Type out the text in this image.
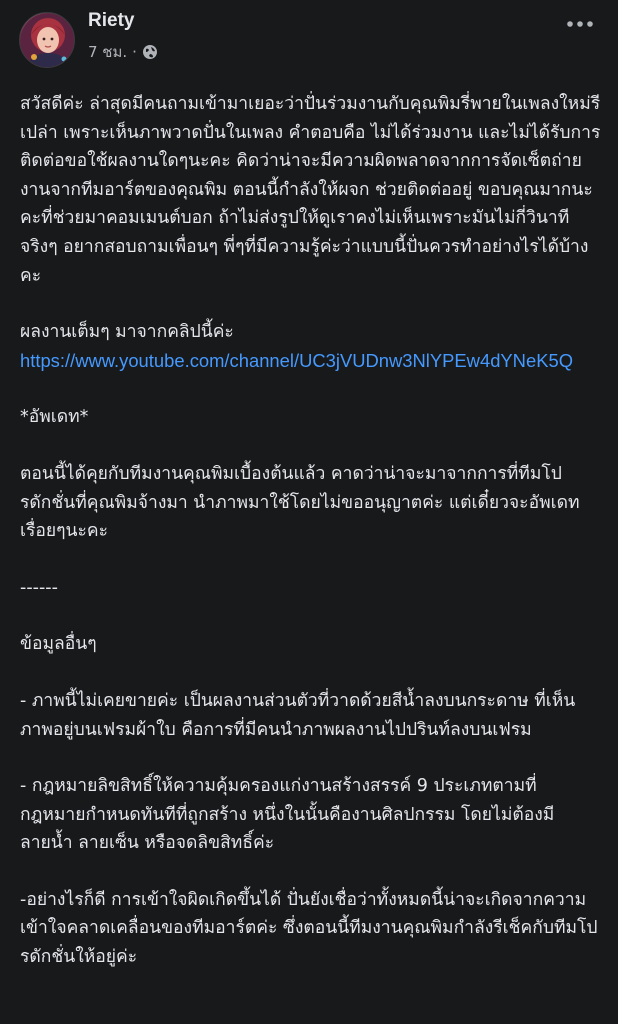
Riety
7 ชม. ·

สวัสดีค่ะ ล่าสุดมีคนถามเข้ามาเยอะว่าปั่นร่วมงานกับคุณพิมรี่พายในเพลงใหม่รีเปล่า เพราะเห็นภาพวาดปั่นในเพลง คำตอบคือ ไม่ได้ร่วมงาน และไม่ได้รับการติดต่อขอใช้ผลงานใดๆนะคะ คิดว่าน่าจะมีความผิดพลาดจากการจัดเซ็ตถ่ายงานจากทีมอาร์ตของคุณพิม ตอนนี้กำลังให้ผจก ช่วยติดต่ออยู่ ขอบคุณมากนะคะที่ช่วยมาคอมเมนต์บอก ถ้าไม่ส่งรูปให้ดูเราคงไม่เห็นเพราะมันไม่กี่วินาทีจริงๆ อยากสอบถามเพื่อนๆ พี่ๆที่มีความรู้ค่ะว่าแบบนี้ปั่นควรทำอย่างไรได้บ้างคะ

ผลงานเต็มๆ มาจากคลิปนี้ค่ะ

https://www.youtube.com/channel/UC3jVUDnw3NlYPEw4dYNeK5Q

*อัพเดท*

ตอนนี้ได้คุยกับทีมงานคุณพิมเบื้องต้นแล้ว คาดว่าน่าจะมาจากการที่ทีมโปรดักชั่นที่คุณพิมจ้างมา นำภาพมาใช้โดยไม่ขออนุญาตค่ะ แต่เดี๋ยวจะอัพเดทเรื่อยๆนะคะ

------

ข้อมูลอื่นๆ

- ภาพนี้ไม่เคยขายค่ะ เป็นผลงานส่วนตัวที่วาดด้วยสีน้ำลงบนกระดาษ ที่เห็นภาพอยู่บนเฟรมผ้าใบ คือการที่มีคนนำภาพผลงานไปปรินท์ลงบนเฟรม

- กฎหมายลิขสิทธิ์ให้ความคุ้มครองแก่งานสร้างสรรค์ 9 ประเภทตามที่กฎหมายกำหนดทันทีที่ถูกสร้าง หนึ่งในนั้นคืองานศิลปกรรม โดยไม่ต้องมีลายน้ำ ลายเซ็น หรือจดลิขสิทธิ์ค่ะ

-อย่างไรก็ดี การเข้าใจผิดเกิดขึ้นได้ ปั่นยังเชื่อว่าทั้งหมดนี้น่าจะเกิดจากความเข้าใจคลาดเคลื่อนของทีมอาร์ตค่ะ ซึ่งตอนนี้ทีมงานคุณพิมกำลังรีเช็คกับทีมโปรดักชั่นให้อยู่ค่ะ
